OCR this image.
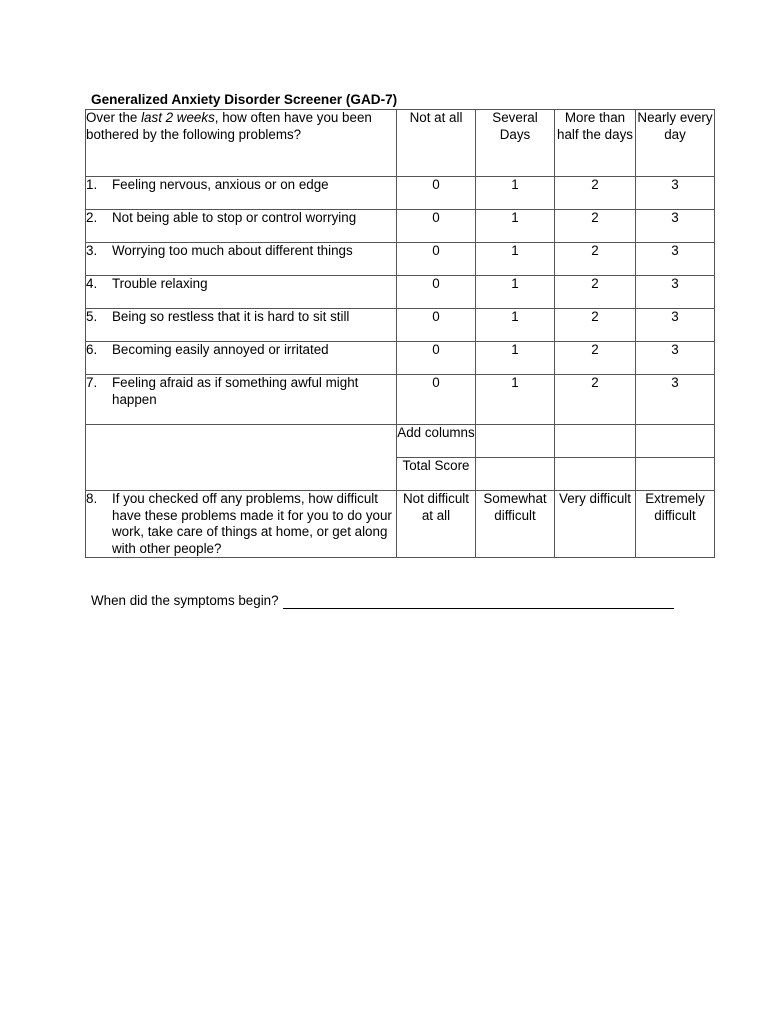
Generalized Anxiety Disorder Screener (GAD-7)
Over the last 2 weeks, how often have you been bothered by the following problems?	Not at all	Several Days	More than half the days	Nearly every day

1. Feeling nervous, anxious or on edge	0	1	2	3

2. Not being able to stop or control worrying	0	1	2	3

3. Worrying too much about different things	0	1	2	3

4. Trouble relaxing	0	1	2	3

5. Being so restless that it is hard to sit still	0	1	2	3

6. Becoming easily annoyed or irritated	0	1	2	3

7. Feeling afraid as if something awful might happen	0	1	2	3
	Add columns			
	Total Score			

8. If you checked off any problems, how difficult have these problems made it for you to do your work, take care of things at home, or get along with other people?	Not difficult at all	Somewhat difficult	Very difficult	Extremely difficult
When did the symptoms begin?
